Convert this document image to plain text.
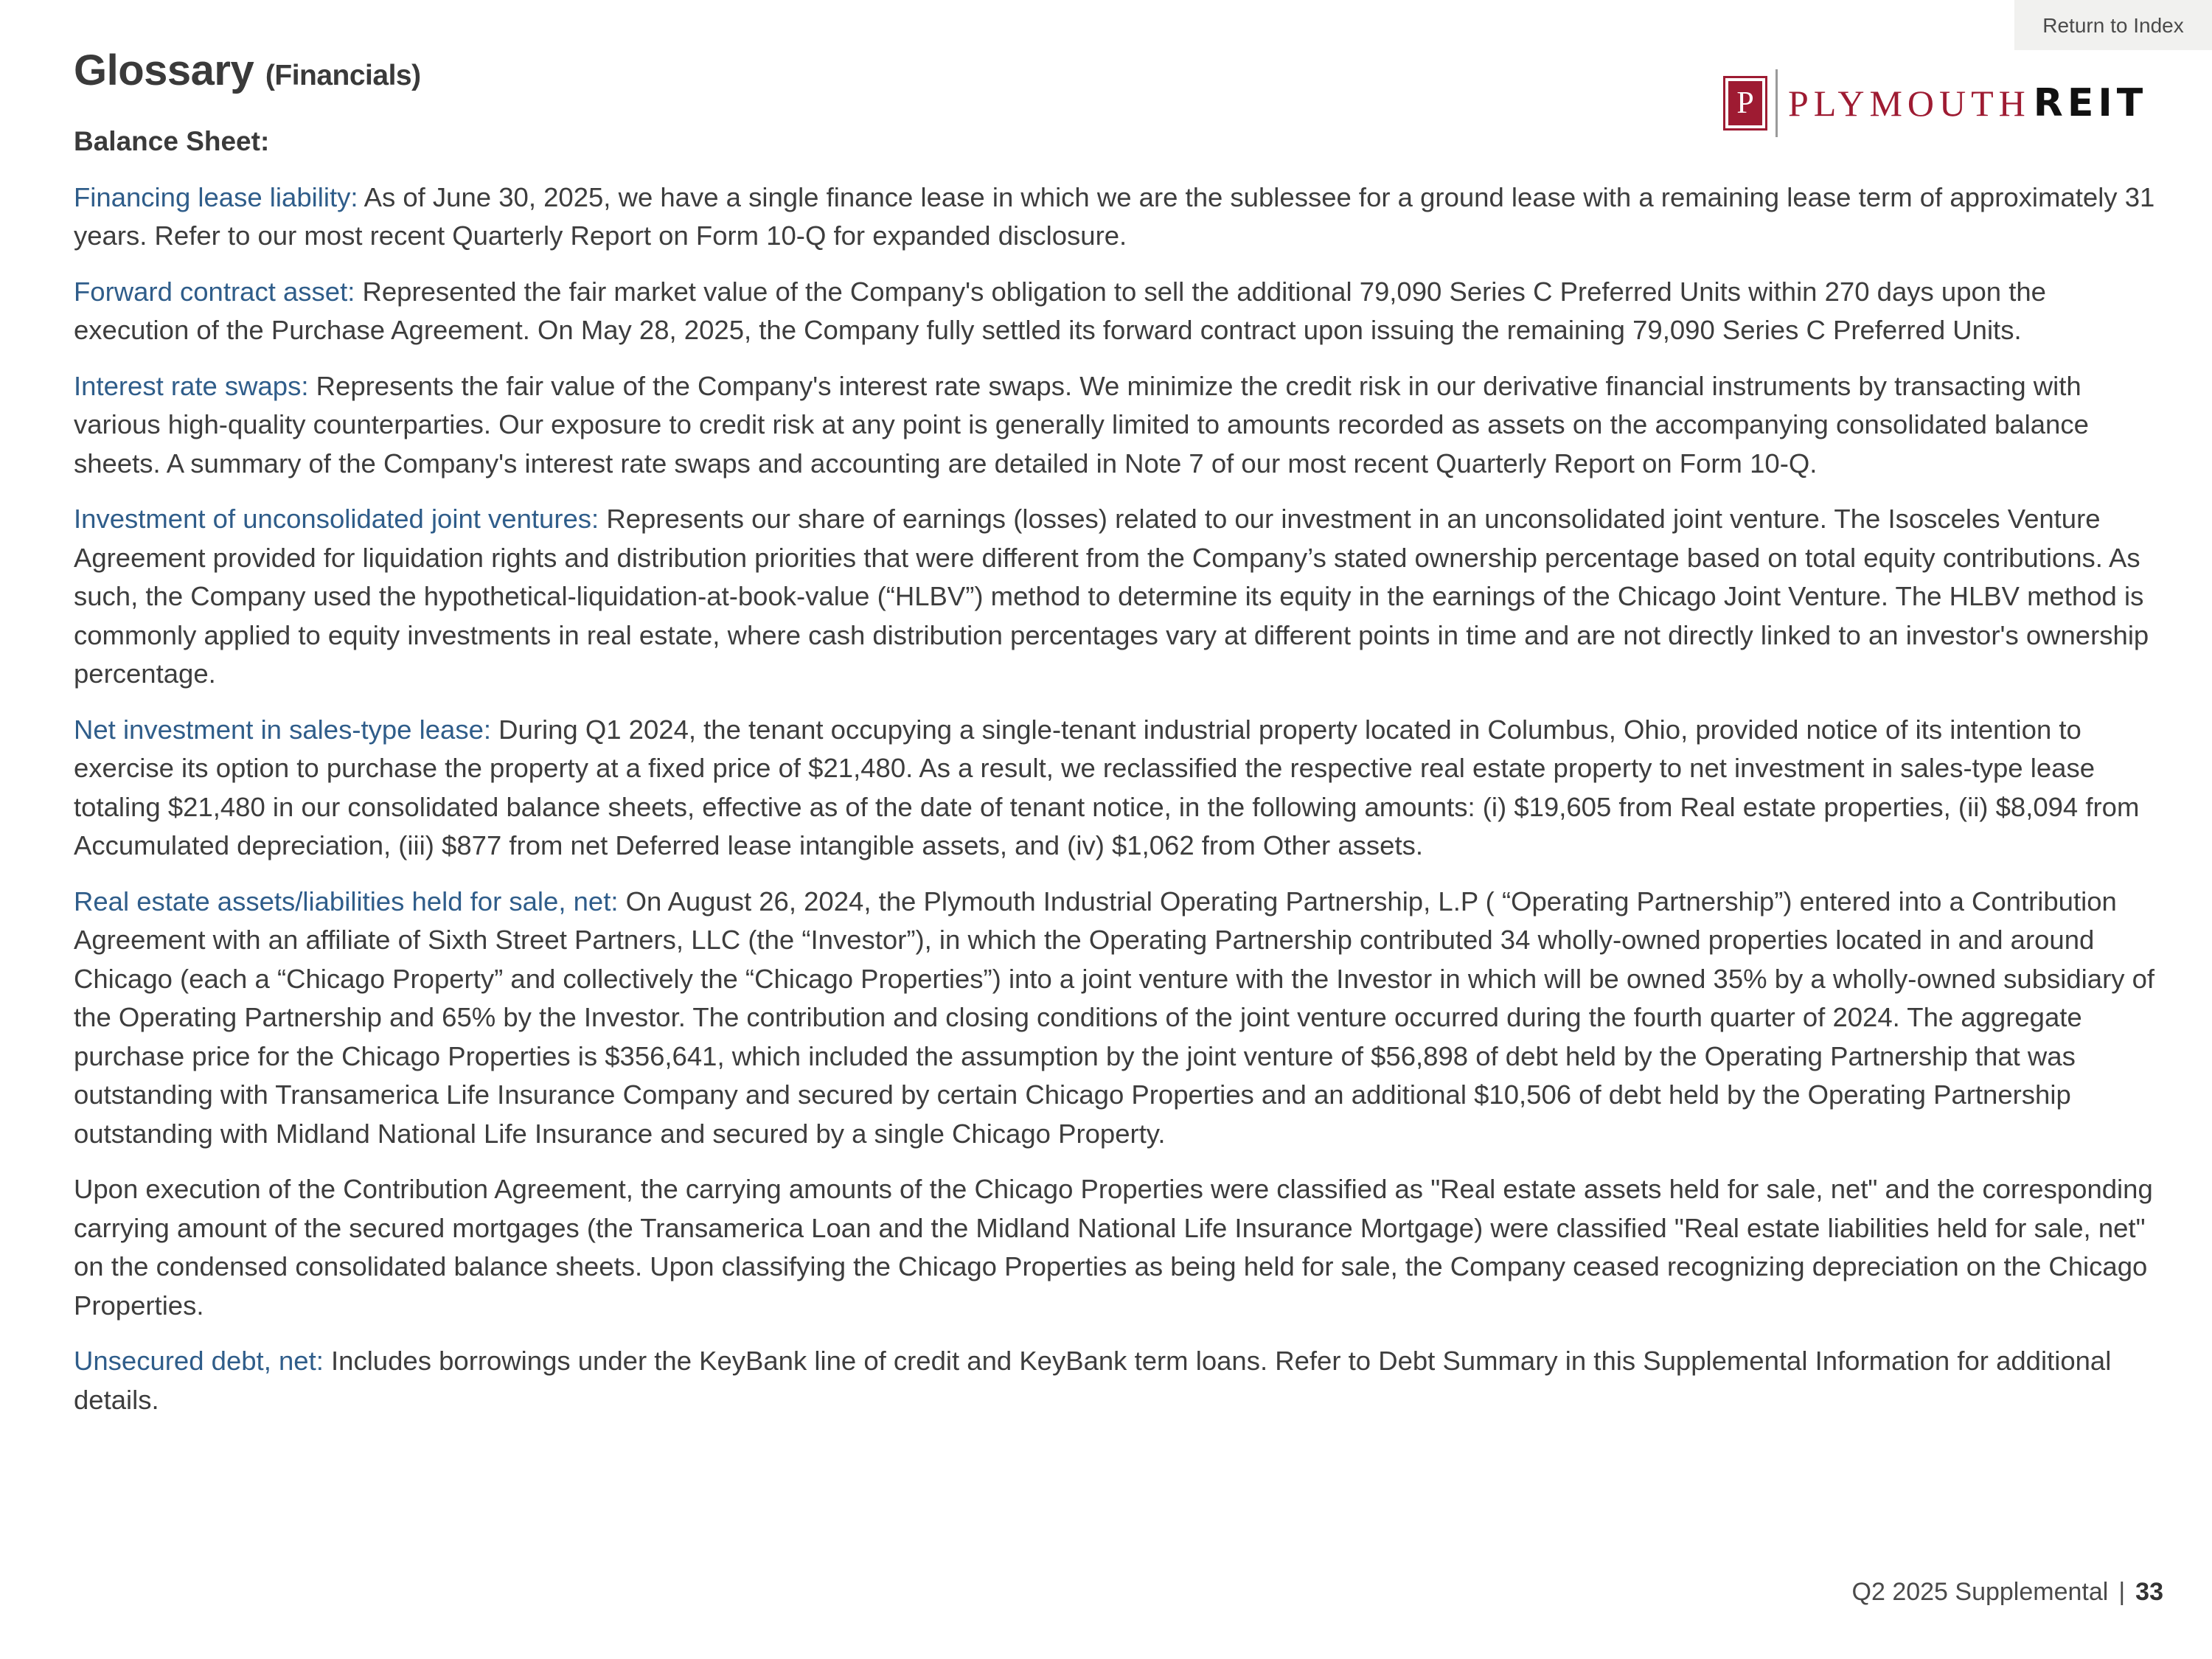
Return to Index
Glossary (Financials)
P PLYMOUTH REIT

Balance Sheet:

Financing lease liability: As of June 30, 2025, we have a single finance lease in which we are the sublessee for a ground lease with a remaining lease term of approximately 31 years. Refer to our most recent Quarterly Report on Form 10-Q for expanded disclosure.

Forward contract asset: Represented the fair market value of the Company's obligation to sell the additional 79,090 Series C Preferred Units within 270 days upon the execution of the Purchase Agreement. On May 28, 2025, the Company fully settled its forward contract upon issuing the remaining 79,090 Series C Preferred Units.

Interest rate swaps: Represents the fair value of the Company's interest rate swaps. We minimize the credit risk in our derivative financial instruments by transacting with various high-quality counterparties. Our exposure to credit risk at any point is generally limited to amounts recorded as assets on the accompanying consolidated balance sheets. A summary of the Company's interest rate swaps and accounting are detailed in Note 7 of our most recent Quarterly Report on Form 10-Q.

Investment of unconsolidated joint ventures: Represents our share of earnings (losses) related to our investment in an unconsolidated joint venture. The Isosceles Venture Agreement provided for liquidation rights and distribution priorities that were different from the Company’s stated ownership percentage based on total equity contributions. As such, the Company used the hypothetical-liquidation-at-book-value (“HLBV”) method to determine its equity in the earnings of the Chicago Joint Venture. The HLBV method is commonly applied to equity investments in real estate, where cash distribution percentages vary at different points in time and are not directly linked to an investor's ownership percentage.

Net investment in sales-type lease: During Q1 2024, the tenant occupying a single-tenant industrial property located in Columbus, Ohio, provided notice of its intention to exercise its option to purchase the property at a fixed price of $21,480. As a result, we reclassified the respective real estate property to net investment in sales-type lease totaling $21,480 in our consolidated balance sheets, effective as of the date of tenant notice, in the following amounts: (i) $19,605 from Real estate properties, (ii) $8,094 from Accumulated depreciation, (iii) $877 from net Deferred lease intangible assets, and (iv) $1,062 from Other assets.

Real estate assets/liabilities held for sale, net: On August 26, 2024, the Plymouth Industrial Operating Partnership, L.P ( “Operating Partnership”) entered into a Contribution Agreement with an affiliate of Sixth Street Partners, LLC (the “Investor”), in which the Operating Partnership contributed 34 wholly-owned properties located in and around Chicago (each a “Chicago Property” and collectively the “Chicago Properties”) into a joint venture with the Investor in which will be owned 35% by a wholly-owned subsidiary of the Operating Partnership and 65% by the Investor. The contribution and closing conditions of the joint venture occurred during the fourth quarter of 2024. The aggregate purchase price for the Chicago Properties is $356,641, which included the assumption by the joint venture of $56,898 of debt held by the Operating Partnership that was outstanding with Transamerica Life Insurance Company and secured by certain Chicago Properties and an additional $10,506 of debt held by the Operating Partnership outstanding with Midland National Life Insurance and secured by a single Chicago Property.

Upon execution of the Contribution Agreement, the carrying amounts of the Chicago Properties were classified as "Real estate assets held for sale, net" and the corresponding carrying amount of the secured mortgages (the Transamerica Loan and the Midland National Life Insurance Mortgage) were classified "Real estate liabilities held for sale, net" on the condensed consolidated balance sheets. Upon classifying the Chicago Properties as being held for sale, the Company ceased recognizing depreciation on the Chicago Properties.

Unsecured debt, net: Includes borrowings under the KeyBank line of credit and KeyBank term loans. Refer to Debt Summary in this Supplemental Information for additional details.

Q2 2025 Supplemental | 33
